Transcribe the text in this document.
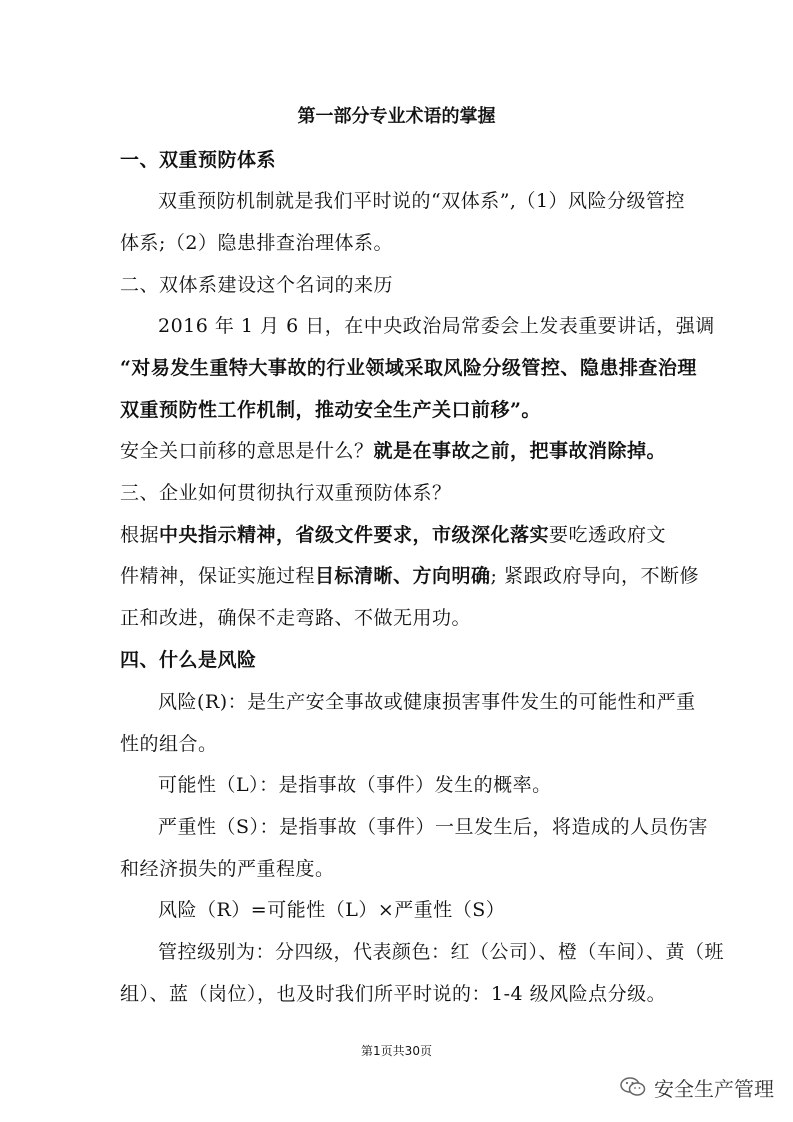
第一部分专业术语的掌握
一、双重预防体系
双重预防机制就是我们平时说的“双体系”,（1）风险分级管控
体系;（2）隐患排查治理体系。
二、双体系建设这个名词的来历
2016 年 1 月 6 日，在中央政治局常委会上发表重要讲话，强调
“对易发生重特大事故的行业领域采取风险分级管控、隐患排查治理
双重预防性工作机制，推动安全生产关口前移”。
安全关口前移的意思是什么？就是在事故之前，把事故消除掉。
三、企业如何贯彻执行双重预防体系？
根据中央指示精神，省级文件要求，市级深化落实要吃透政府文
件精神，保证实施过程目标清晰、方向明确; 紧跟政府导向，不断修
正和改进，确保不走弯路、不做无用功。
四、什么是风险
风险(R)：是生产安全事故或健康损害事件发生的可能性和严重
性的组合。
可能性（L）：是指事故（事件）发生的概率。
严重性（S）：是指事故（事件）一旦发生后，将造成的人员伤害
和经济损失的严重程度。
风险（R）=可能性（L）×严重性（S）
管控级别为：分四级，代表颜色：红（公司）、橙（车间）、黄（班
组）、蓝（岗位），也及时我们所平时说的：1-4 级风险点分级。
第1页共30页
安全生产管理
